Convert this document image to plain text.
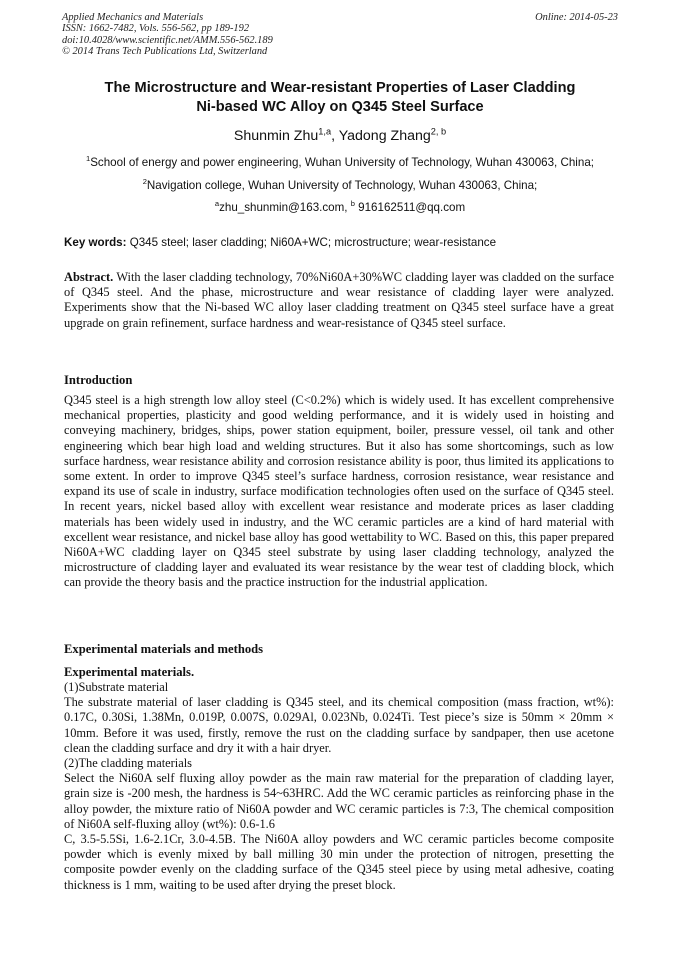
Applied Mechanics and Materials
ISSN: 1662-7482, Vols. 556-562, pp 189-192
doi:10.4028/www.scientific.net/AMM.556-562.189
© 2014 Trans Tech Publications Ltd, Switzerland
Online: 2014-05-23
The Microstructure and Wear-resistant Properties of Laser Cladding
Ni-based WC Alloy on Q345 Steel Surface
Shunmin Zhu$^{1,a}$, Yadong Zhang$^{2, b}$
$^1$School of energy and power engineering, Wuhan University of Technology, Wuhan 430063, China;
$^2$Navigation college, Wuhan University of Technology, Wuhan 430063, China;
$^a$zhu_shunmin@163.com, $^b$ 916162511@qq.com
Key words: Q345 steel; laser cladding; Ni60A+WC; microstructure; wear-resistance

Abstract. With the laser cladding technology, 70%Ni60A+30%WC cladding layer was cladded on the surface of Q345 steel. And the phase, microstructure and wear resistance of cladding layer were analyzed. Experiments show that the Ni-based WC alloy laser cladding treatment on Q345 steel surface have a great upgrade on grain refinement, surface hardness and wear-resistance of Q345 steel surface.

Introduction

Q345 steel is a high strength low alloy steel (C<0.2%) which is widely used. It has excellent comprehensive mechanical properties, plasticity and good welding performance, and it is widely used in hoisting and conveying machinery, bridges, ships, power station equipment, boiler, pressure vessel, oil tank and other engineering which bear high load and welding structures. But it also has some shortcomings, such as low surface hardness, wear resistance ability and corrosion resistance ability is poor, thus limited its applications to some extent. In order to improve Q345 steel’s surface hardness, corrosion resistance, wear resistance and expand its use of scale in industry, surface modification technologies often used on the surface of Q345 steel. In recent years, nickel based alloy with excellent wear resistance and moderate prices as laser cladding materials has been widely used in industry, and the WC ceramic particles are a kind of hard material with excellent wear resistance, and nickel base alloy has good wettability to WC. Based on this, this paper prepared Ni60A+WC cladding layer on Q345 steel substrate by using laser cladding technology, analyzed the microstructure of cladding layer and evaluated its wear resistance by the wear test of cladding block, which can provide the theory basis and the practice instruction for the industrial application.

Experimental materials and methods
Experimental materials.

(1)Substrate material

The substrate material of laser cladding is Q345 steel, and its chemical composition (mass fraction, wt%): 0.17C, 0.30Si, 1.38Mn, 0.019P, 0.007S, 0.029Al, 0.023Nb, 0.024Ti. Test piece’s size is 50mm × 20mm × 10mm. Before it was used, firstly, remove the rust on the cladding surface by sandpaper, then use acetone clean the cladding surface and dry it with a hair dryer.

(2)The cladding materials

Select the Ni60A self fluxing alloy powder as the main raw material for the preparation of cladding layer, grain size is -200 mesh, the hardness is 54~63HRC. Add the WC ceramic particles as reinforcing phase in the alloy powder, the mixture ratio of Ni60A powder and WC ceramic particles is 7:3, The chemical composition of Ni60A self-fluxing alloy (wt%): 0.6-1.6

C, 3.5-5.5Si, 1.6-2.1Cr, 3.0-4.5B. The Ni60A alloy powders and WC ceramic particles become composite powder which is evenly mixed by ball milling 30 min under the protection of nitrogen, presetting the composite powder evenly on the cladding surface of the Q345 steel piece by using metal adhesive, coating thickness is 1 mm, waiting to be used after drying the preset block.
